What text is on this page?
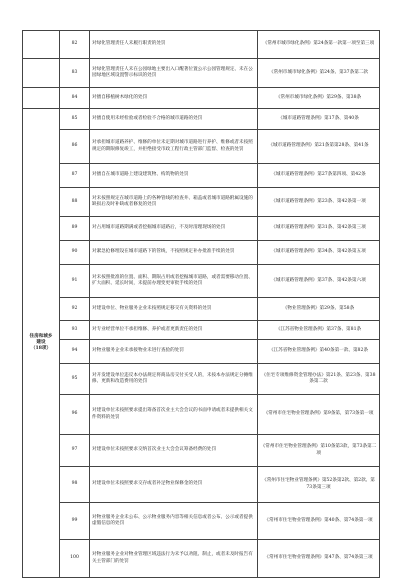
	82	对绿化管理责任人未履行职责的处罚	《常州市城市绿化条例》第24条第一款第一项至第三项
	83	对绿化管理责任人未在公园绿地主要出入口醒著位置公示公园管理规定、未在公园绿地区域设置警示标识的处罚	《常州市城市绿化条例》第24条、第37条第二款
	84	对擅自移植树木绿化的处罚	《常州市城市绿化条例》第29条、第38条

住房和城乡
建设
（18项）	85	对擅自使用未经检验或者检验不合格的城市道路的处罚	《城市道路管理条例》第17条、第40条
	86	对承担城市道路养护、维修的单位未定期对城市道路进行养护、维修或者未按照规定的期限修复竣工，并拒绝接受市政工程行政主管部门监督、检查的处罚	《城市道路管理条例》第21条第第28条、第41条
	87	对擅自在城市道路上建设建筑物、构筑物的处罚	《城市道路管理条例》第27条第四项、第42条
	88	对未按照规定在城市道路上的各种管线的检查井、箱盖或者城市道路附属设施的缺损后及时补缺或者修复的处罚	《城市道路管理条例》第23条、第42条第一项
	89	对占用城市道路期满或者挖掘城市道路后，不及时清理现场的处罚	《城市道路管理条例》第31条、第42条第三项
	90	对紧急抢修埋设在城市道路下的管线，不按照规定补办批准手续的处罚	《城市道路管理条例》第34条、第42条第五项
	91	对未按照批准的位置、面积、期限占用或者挖掘城市道路，或者需要移动位置、扩大面积、延长时间，未提前办理变更审批手续的处罚	《城市道路管理条例》第37条、第42条第六项
	92	对建设单位、物业服务企业未按照规定移交有关资料的处罚	《物业管理条例》第29条、第58条
	93	对专业经营单位不承担维修、养护或者更新责任的处罚	《江苏省物业管理条例》第37条、第81条
	94	对物业服务企业未承接物业未进行查验的处罚	《江苏省物业管理条例》第40条第一款、第82条
	95	对开发建设单位违反本办法规定将商品房交付买受人的，未按本办法规定分摊维修、更新和改造费用的处罚	《住宅专项维修资金管理办法》第21条、第23条、第38条第二款
	96	对建设单位未按照要求提出筹备首次业主大会会议的书面申请或者未提供相关文件资料的处罚	《常州市住宅物业管理条例》第9条第，第73条第一项
	97	对建设单位未按照要求交纳首次业主大会会议筹备经费的处罚	《常州市住宅物业管理条例》第10条第3款，第73条第二项
	98	对建设单位未按照要求交存或者补足物业保修金的处罚	《常州市住宅物业管理条例》第52条第2款、第2款、第73条第三项
	99	对物业服务企业未公布、公示物业服务内容等相关信息或者公布、公示或者提供虚假信息的处罚	《常州市住宅物业管理条例》第40条、第74条第一项
	100	对物业服务企业对物业管理区域违法行为未予以劝阻、制止，或者未及时报告有关主管部门的处罚	《常州市住宅物业管理条例》第47条、第74条第三项
